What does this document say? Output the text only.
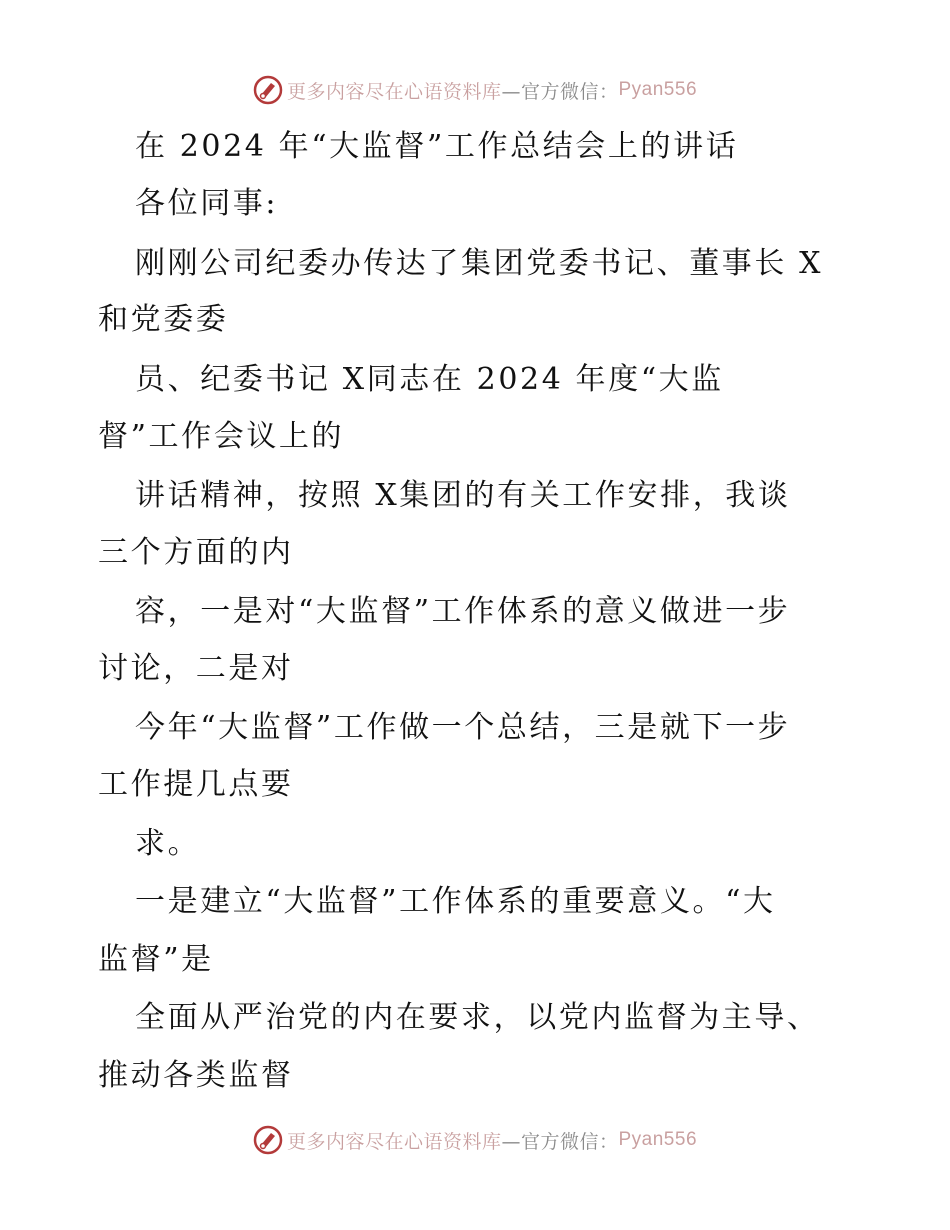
更多内容尽在心语资料库 —官方微信： Pyan556
在 2024 年“大监督”工作总结会上的讲话
各位同事:
刚刚公司纪委办传达了集团党委书记、董事长 X
和党委委
员、纪委书记 X同志在 2024 年度“大监
督”工作会议上的
讲话精神，按照 X集团的有关工作安排，我谈
三个方面的内
容，一是对“大监督”工作体系的意义做进一步
讨论，二是对
今年“大监督”工作做一个总结，三是就下一步
工作提几点要
求。
一是建立“大监督”工作体系的重要意义。“大
监督”是
全面从严治党的内在要求，以党内监督为主导、
推动各类监督
更多内容尽在心语资料库 —官方微信： Pyan556
